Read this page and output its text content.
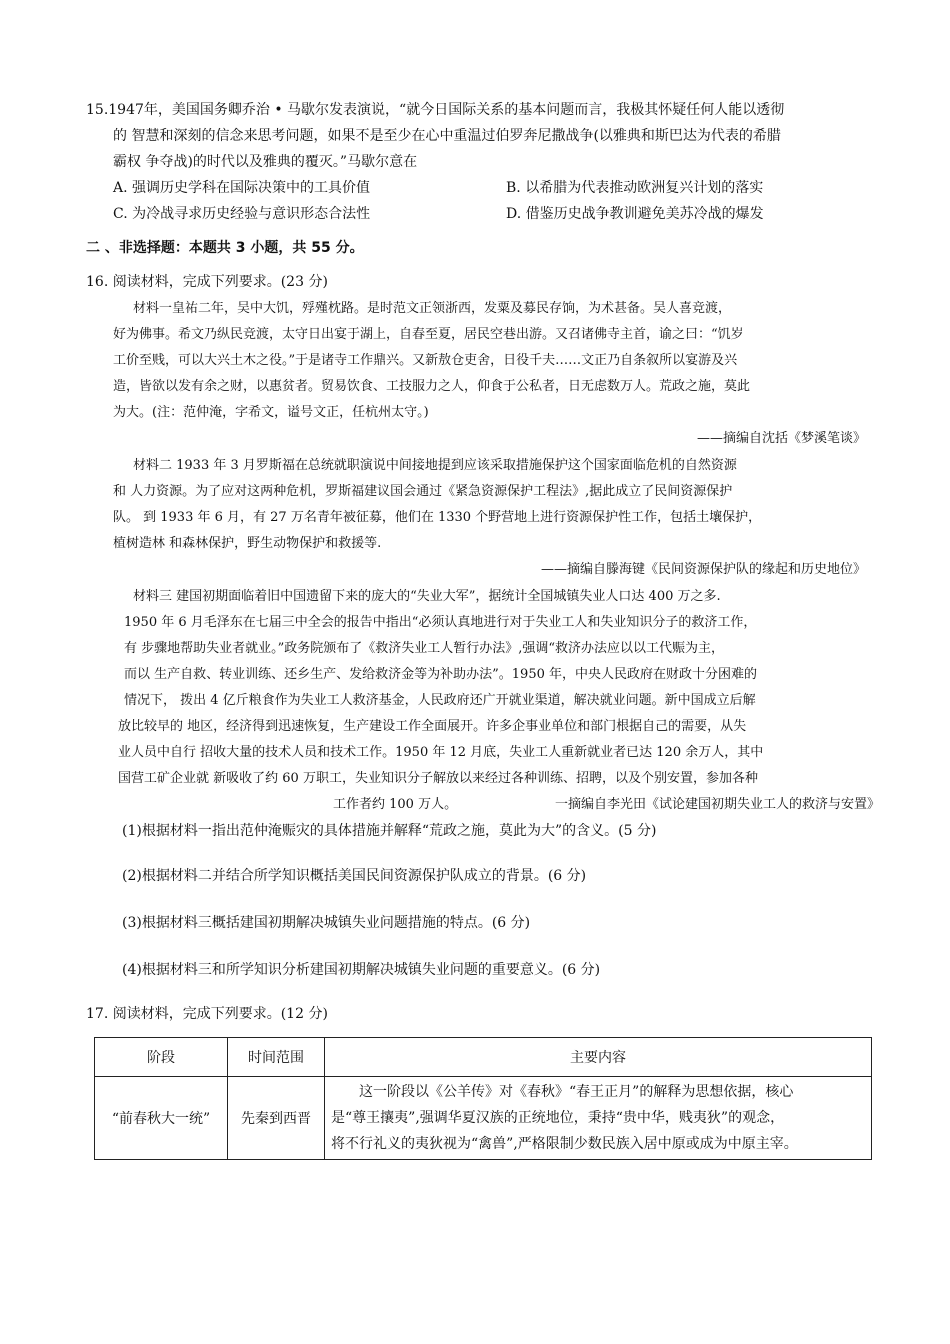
15.1947年，美国国务卿乔治 • 马歇尔发表演说，“就今日国际关系的基本问题而言，我极其怀疑任何人能以透彻
的 智慧和深刻的信念来思考问题，如果不是至少在心中重温过伯罗奔尼撒战争(以雅典和斯巴达为代表的希腊
霸权 争夺战)的时代以及雅典的覆灭。”马歇尔意在
A. 强调历史学科在国际决策中的工具价值	B. 以希腊为代表推动欧洲复兴计划的落实
C. 为冷战寻求历史经验与意识形态合法性	D. 借鉴历史战争教训避免美苏冷战的爆发
二 、非选择题：本题共 3 小题，共 55 分。
16. 阅读材料，完成下列要求。(23 分)
材料一皇祐二年，吴中大饥，殍殣枕路。是时范文正领浙西，发粟及募民存饷，为术甚备。吴人喜竞渡，
好为佛事。希文乃纵民竞渡，太守日出宴于湖上，自春至夏，居民空巷出游。又召诸佛寺主首，谕之曰：“饥岁
工价至贱，可以大兴土木之役。”于是诸寺工作鼎兴。又新敖仓吏舍，日役千夫……文正乃自条叙所以宴游及兴
造，皆欲以发有余之财，以惠贫者。贸易饮食、工技服力之人，仰食于公私者，日无虑数万人。荒政之施，莫此
为大。(注：范仲淹，字希文，谥号文正，任杭州太守。)
——摘编自沈括《梦溪笔谈》
材料二 1933 年 3 月罗斯福在总统就职演说中间接地提到应该采取措施保护这个国家面临危机的自然资源
和 人力资源。为了应对这两种危机，罗斯福建议国会通过《紧急资源保护工程法》,据此成立了民间资源保护
队。 到 1933 年 6 月，有 27 万名青年被征募，他们在 1330 个野营地上进行资源保护性工作，包括土壤保护，
植树造林 和森林保护，野生动物保护和救援等.
——摘编自滕海键《民间资源保护队的缘起和历史地位》
材料三 建国初期面临着旧中国遗留下来的庞大的“失业大军”，据统计全国城镇失业人口达 400 万之多.
1950 年 6 月毛泽东在七届三中全会的报告中指出“必须认真地进行对于失业工人和失业知识分子的救济工作，
有 步骤地帮助失业者就业。”政务院颁布了《救济失业工人暂行办法》,强调“救济办法应以以工代赈为主，
而以 生产自救、转业训练、还乡生产、发给救济金等为补助办法”。1950 年，中央人民政府在财政十分困难的
情况下， 拨出 4 亿斤粮食作为失业工人救济基金，人民政府还广开就业渠道，解决就业问题。新中国成立后解
放比较早的 地区，经济得到迅速恢复，生产建设工作全面展开。许多企事业单位和部门根据自己的需要，从失
业人员中自行 招收大量的技术人员和技术工作。1950 年 12 月底，失业工人重新就业者已达 120 余万人，其中
国营工矿企业就 新吸收了约 60 万职工，失业知识分子解放以来经过各种训练、招聘，以及个别安置，参加各种
工作者约 100 万人。	一摘编自李光田《试论建国初期失业工人的救济与安置》
(1)根据材料一指出范仲淹赈灾的具体措施并解释“荒政之施，莫此为大”的含义。(5 分)
(2)根据材料二并结合所学知识概括美国民间资源保护队成立的背景。(6 分)
(3)根据材料三概括建国初期解决城镇失业问题措施的特点。(6 分)
(4)根据材料三和所学知识分析建国初期解决城镇失业问题的重要意义。(6 分)
17. 阅读材料，完成下列要求。(12 分)
阶段	时间范围	主要内容
“前春秋大一统”	先秦到西晋	　　这一阶段以《公羊传》对《春秋》“春王正月”的解释为思想依据，核心
是“尊王攘夷”,强调华夏汉族的正统地位，秉持“贵中华，贱夷狄”的观念，
将不行礼义的夷狄视为“禽兽”,严格限制少数民族入居中原或成为中原主宰。
